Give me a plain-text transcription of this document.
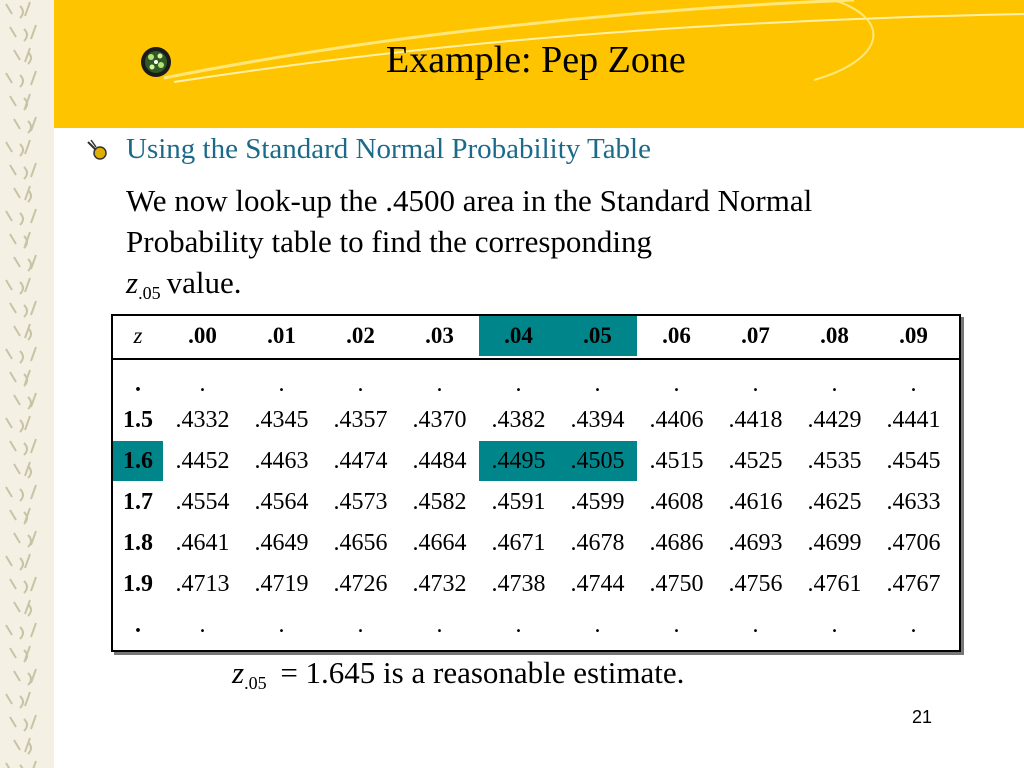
Example: Pep Zone
Using the Standard Normal Probability Table
We now look-up the .4500 area in the Standard Normal Probability table to find the corresponding
z.05 value.
z	.00	.01	.02	.03	.04	.05	.06	.07	.08	.09
.	.	.	.	.	.	.	.	.	.	.
1.5 .4332	.4345	.4357	.4370	.4382	.4394	.4406	.4418	.4429	.4441
1.6 .4452	.4463	.4474	.4484	.4495	.4505	.4515	.4525	.4535	.4545
1.7 .4554	.4564	.4573	.4582	.4591	.4599	.4608	.4616	.4625	.4633
1.8 .4641	.4649	.4656	.4664	.4671	.4678	.4686	.4693	.4699	.4706
1.9 .4713	.4719	.4726	.4732	.4738	.4744	.4750	.4756	.4761	.4767
.	.	.	.	.	.	.	.	.	.	.
z.05 = 1.645 is a reasonable estimate.
21
